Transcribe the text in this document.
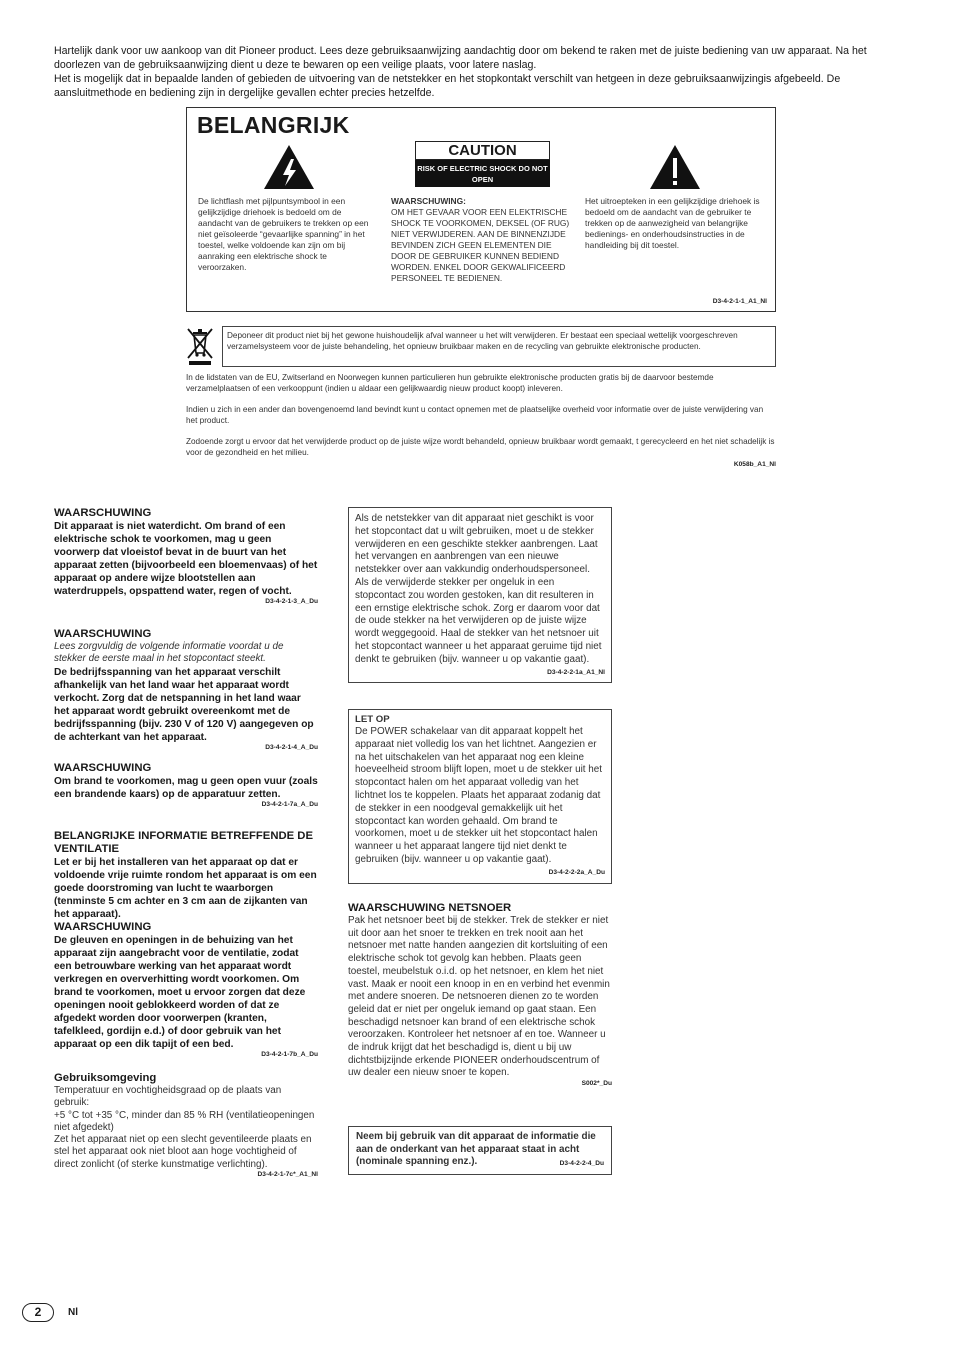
Hartelijk dank voor uw aankoop van dit Pioneer product. Lees deze gebruiksaanwijzing aandachtig door om bekend te raken met de juiste bediening van uw apparaat. Na het doorlezen van de gebruiksaanwijzing dient u deze te bewaren op een veilige plaats, voor latere naslag.

Het is mogelijk dat in bepaalde landen of gebieden de uitvoering van de netstekker en het stopkontakt verschilt van hetgeen in deze gebruiksaanwijzingis afgebeeld. De aansluitmethode en bediening zijn in dergelijke gevallen echter precies hetzelfde.

BELANGRIJK
CAUTION
RISK OF ELECTRIC SHOCK DO NOT OPEN
De lichtflash met pijlpuntsymbool in een gelijkzijdige driehoek is bedoeld om de aandacht van de gebruikers te trekken op een niet geïsoleerde “gevaarlijke spanning” in het toestel, welke voldoende kan zijn om bij aanraking een elektrische shock te veroorzaken.
WAARSCHUWING:
OM HET GEVAAR VOOR EEN ELEKTRISCHE SHOCK TE VOORKOMEN, DEKSEL (OF RUG) NIET VERWIJDEREN. AAN DE BINNENZIJDE BEVINDEN ZICH GEEN ELEMENTEN DIE DOOR DE GEBRUIKER KUNNEN BEDIEND WORDEN. ENKEL DOOR GEKWALIFICEERD PERSONEEL TE BEDIENEN.
Het uitroepteken in een gelijkzijdige driehoek is bedoeld om de aandacht van de gebruiker te trekken op de aanwezigheid van belangrijke bedienings- en onderhoudsinstructies in de handleiding bij dit toestel.
D3-4-2-1-1_A1_Nl
Deponeer dit product niet bij het gewone huishoudelijk afval wanneer u het wilt verwijderen. Er bestaat een speciaal wettelijk voorgeschreven verzamelsysteem voor de juiste behandeling, het opnieuw bruikbaar maken en de recycling van gebruikte elektronische producten.
In de lidstaten van de EU, Zwitserland en Noorwegen kunnen particulieren hun gebruikte elektronische producten gratis bij de daarvoor bestemde verzamelplaatsen of een verkooppunt (indien u aldaar een gelijkwaardig nieuw product koopt) inleveren.
Indien u zich in een ander dan bovengenoemd land bevindt kunt u contact opnemen met de plaatselijke overheid voor informatie over de juiste verwijdering van het product.
Zodoende zorgt u ervoor dat het verwijderde product op de juiste wijze wordt behandeld, opnieuw bruikbaar wordt gemaakt, t gerecycleerd en het niet schadelijk is voor de gezondheid en het milieu.
K058b_A1_Nl
WAARSCHUWING
Dit apparaat is niet waterdicht. Om brand of een elektrische schok te voorkomen, mag u geen voorwerp dat vloeistof bevat in de buurt van het apparaat zetten (bijvoorbeeld een bloemenvaas) of het apparaat op andere wijze blootstellen aan waterdruppels, opspattend water, regen of vocht.
D3-4-2-1-3_A_Du
WAARSCHUWING
Lees zorgvuldig de volgende informatie voordat u de stekker de eerste maal in het stopcontact steekt.
De bedrijfsspanning van het apparaat verschilt afhankelijk van het land waar het apparaat wordt verkocht. Zorg dat de netspanning in het land waar het apparaat wordt gebruikt overeenkomt met de bedrijfsspanning (bijv. 230 V of 120 V) aangegeven op de achterkant van het apparaat.
D3-4-2-1-4_A_Du
WAARSCHUWING
Om brand te voorkomen, mag u geen open vuur (zoals een brandende kaars) op de apparatuur zetten.
D3-4-2-1-7a_A_Du
BELANGRIJKE INFORMATIE BETREFFENDE DE VENTILATIE
Let er bij het installeren van het apparaat op dat er voldoende vrije ruimte rondom het apparaat is om een goede doorstroming van lucht te waarborgen (tenminste 5 cm achter en 3 cm aan de zijkanten van het apparaat).
WAARSCHUWING
De gleuven en openingen in de behuizing van het apparaat zijn aangebracht voor de ventilatie, zodat een betrouwbare werking van het apparaat wordt verkregen en oververhitting wordt voorkomen. Om brand te voorkomen, moet u ervoor zorgen dat deze openingen nooit geblokkeerd worden of dat ze afgedekt worden door voorwerpen (kranten, tafelkleed, gordijn e.d.) of door gebruik van het apparaat op een dik tapijt of een bed.
D3-4-2-1-7b_A_Du
Gebruiksomgeving
Temperatuur en vochtigheidsgraad op de plaats van gebruik:
+5 °C tot +35 °C, minder dan 85 % RH (ventilatieopeningen niet afgedekt)
Zet het apparaat niet op een slecht geventileerde plaats en stel het apparaat ook niet bloot aan hoge vochtigheid of direct zonlicht (of sterke kunstmatige verlichting).
D3-4-2-1-7c*_A1_Nl
Als de netstekker van dit apparaat niet geschikt is voor het stopcontact dat u wilt gebruiken, moet u de stekker verwijderen en een geschikte stekker aanbrengen. Laat het vervangen en aanbrengen van een nieuwe netstekker over aan vakkundig onderhoudspersoneel. Als de verwijderde stekker per ongeluk in een stopcontact zou worden gestoken, kan dit resulteren in een ernstige elektrische schok. Zorg er daarom voor dat de oude stekker na het verwijderen op de juiste wijze wordt weggegooid. Haal de stekker van het netsnoer uit het stopcontact wanneer u het apparaat geruime tijd niet denkt te gebruiken (bijv. wanneer u op vakantie gaat).
D3-4-2-2-1a_A1_Nl
LET OP
De POWER schakelaar van dit apparaat koppelt het apparaat niet volledig los van het lichtnet. Aangezien er na het uitschakelen van het apparaat nog een kleine hoeveelheid stroom blijft lopen, moet u de stekker uit het stopcontact halen om het apparaat volledig van het lichtnet los te koppelen. Plaats het apparaat zodanig dat de stekker in een noodgeval gemakkelijk uit het stopcontact kan worden gehaald. Om brand te voorkomen, moet u de stekker uit het stopcontact halen wanneer u het apparaat langere tijd niet denkt te gebruiken (bijv. wanneer u op vakantie gaat).
D3-4-2-2-2a_A_Du
WAARSCHUWING NETSNOER
Pak het netsnoer beet bij de stekker. Trek de stekker er niet uit door aan het snoer te trekken en trek nooit aan het netsnoer met natte handen aangezien dit kortsluiting of een elektrische schok tot gevolg kan hebben. Plaats geen toestel, meubelstuk o.i.d. op het netsnoer, en klem het niet vast. Maak er nooit een knoop in en en verbind het evenmin met andere snoeren. De netsnoeren dienen zo te worden geleid dat er niet per ongeluk iemand op gaat staan. Een beschadigd netsnoer kan brand of een elektrische schok veroorzaken. Kontroleer het netsnoer af en toe. Wanneer u de indruk krijgt dat het beschadigd is, dient u bij uw dichtstbijzijnde erkende PIONEER onderhoudscentrum of uw dealer een nieuw snoer te kopen.
S002*_Du
Neem bij gebruik van dit apparaat de informatie die aan de onderkant van het apparaat staat in acht (nominale spanning enz.).	D3-4-2-2-4_Du
2	Nl
